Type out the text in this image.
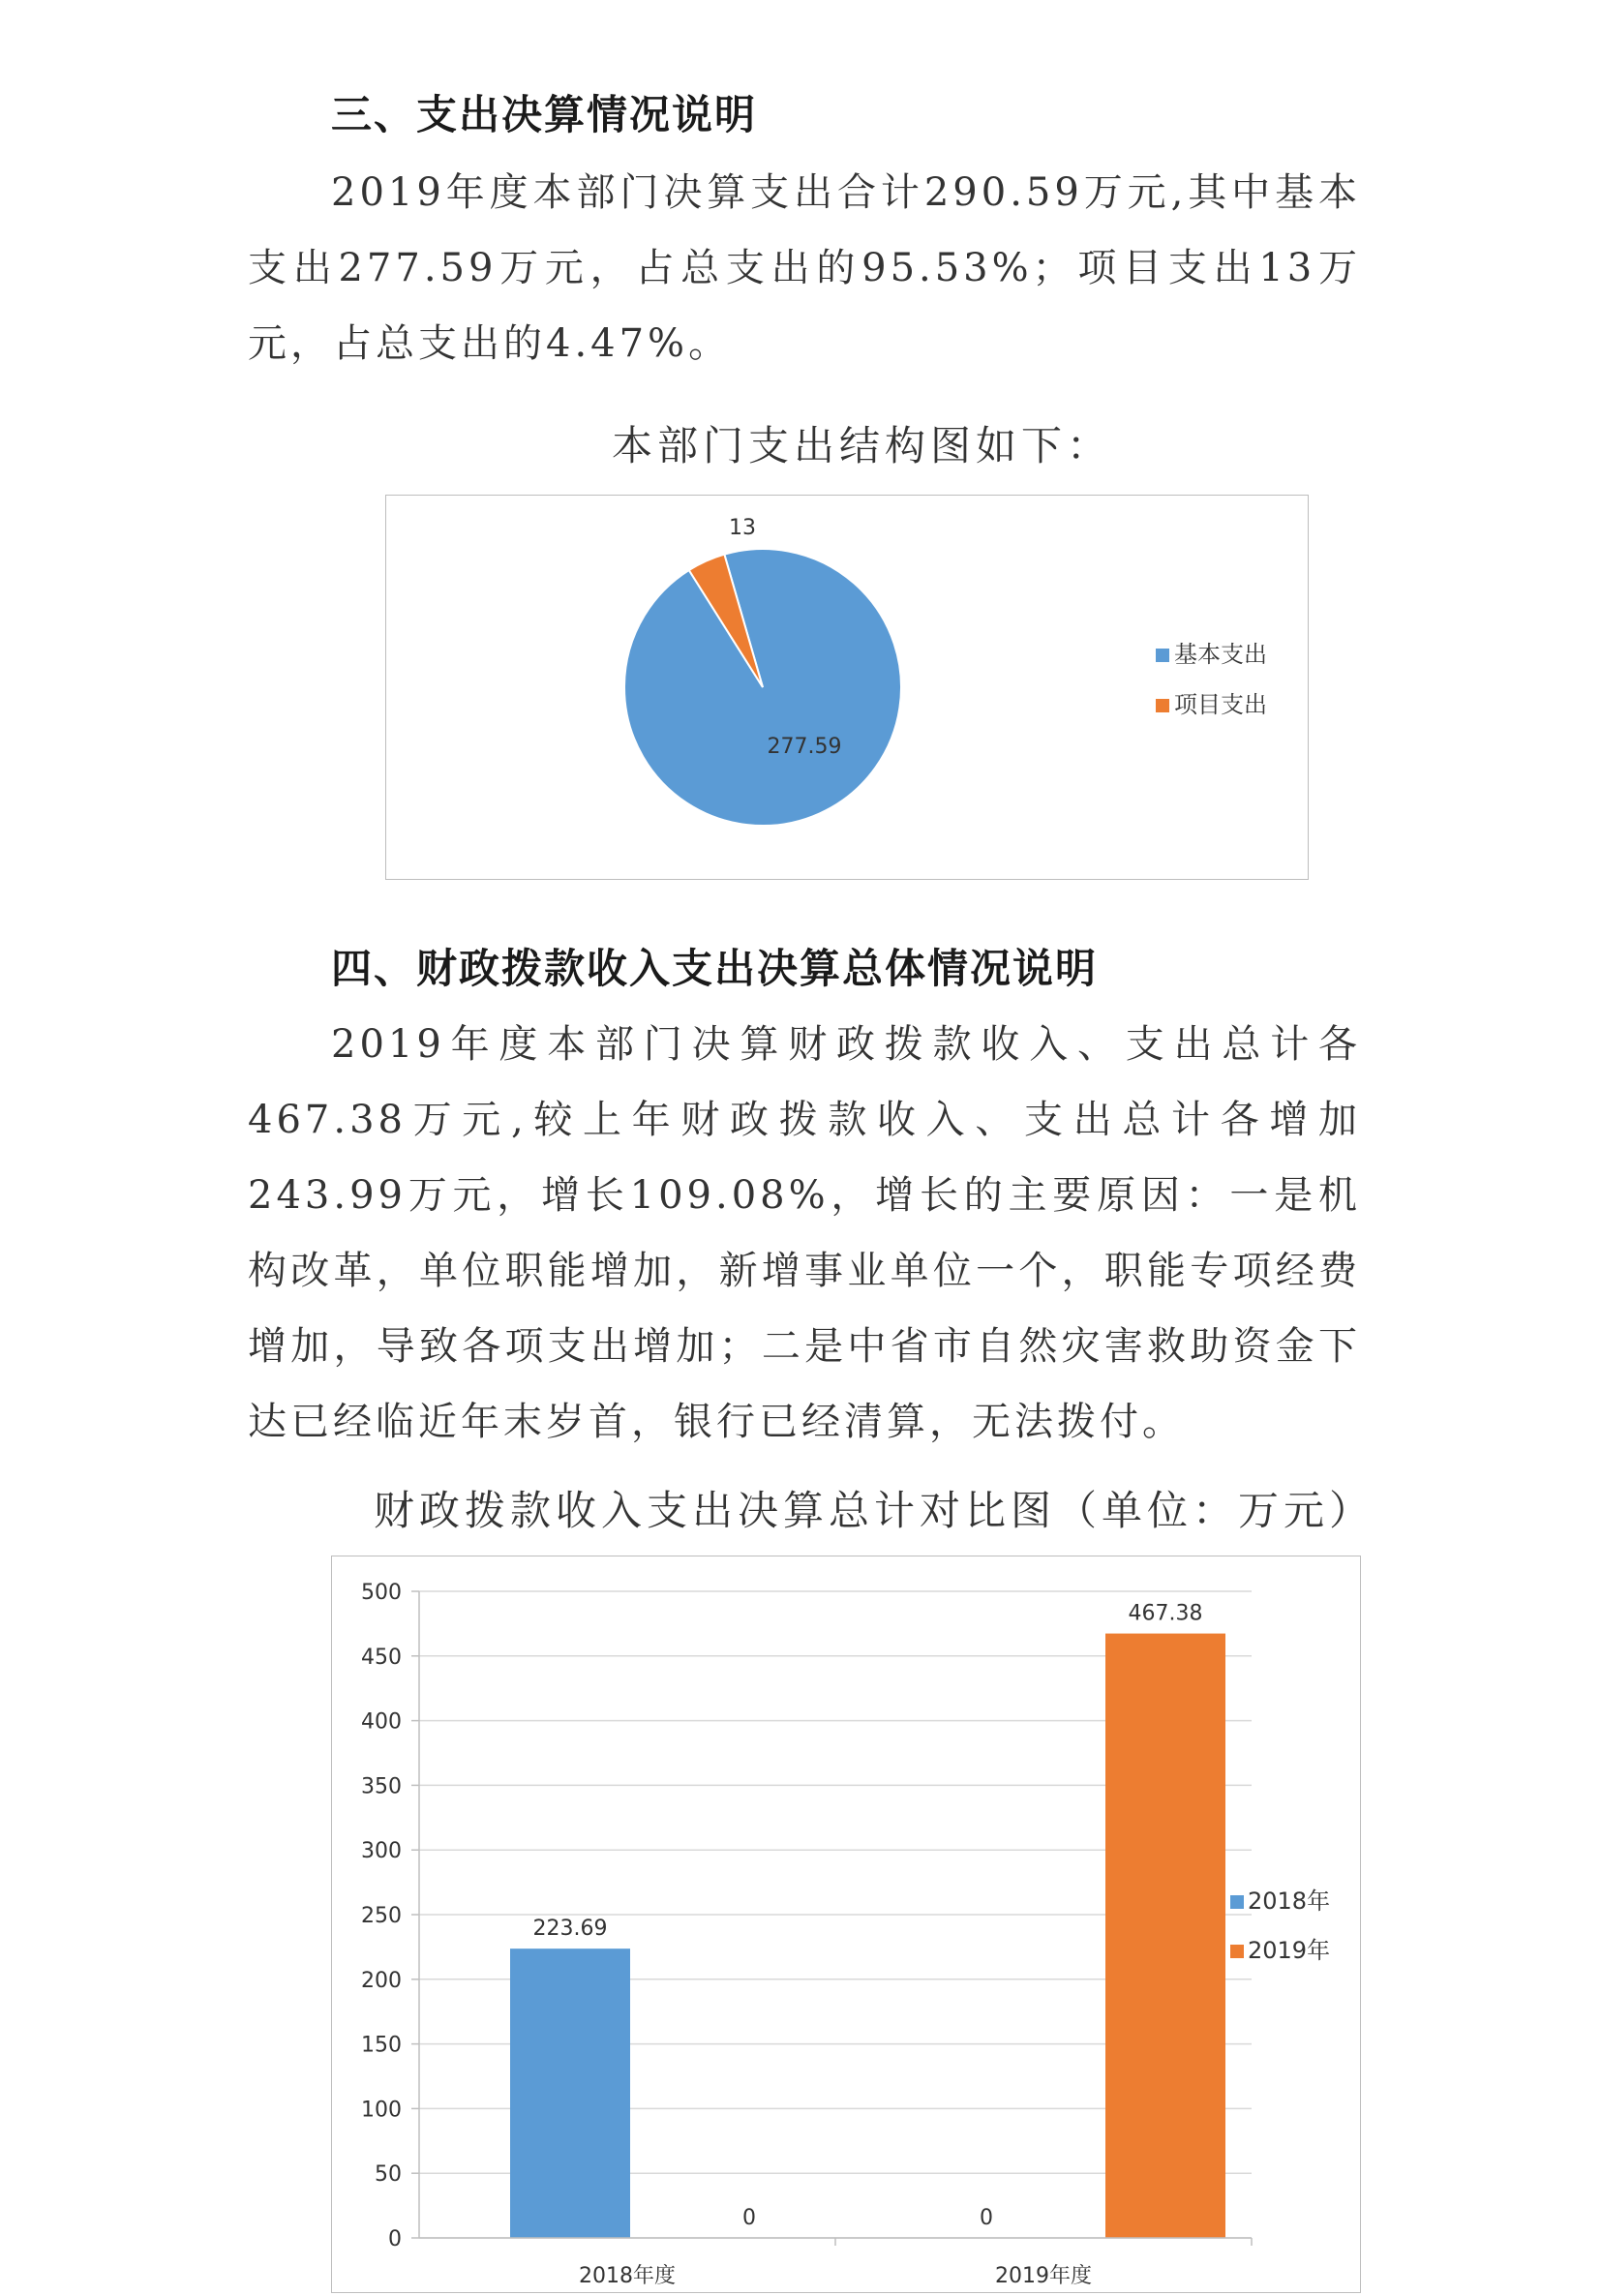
三、支出决算情况说明
2019年度本部门决算支出合计290.59万元,其中基本支出277.59万元，占总支出的95.53%；项目支出13万元，占总支出的4.47%。
本部门支出结构图如下：
277.59
13
基本支出
项目支出
四、财政拨款收入支出决算总体情况说明
2019年度本部门决算财政拨款收入、支出总计各467.38万元,较上年财政拨款收入、支出总计各增加243.99万元，增长109.08%，增长的主要原因：一是机构改革，单位职能增加，新增事业单位一个，职能专项经费增加，导致各项支出增加；二是中省市自然灾害救助资金下达已经临近年末岁首，银行已经清算，无法拨付。
财政拨款收入支出决算总计对比图（单位：万元）
0
50
100
150
200
250
300
350
400
450
500
223.69
0
2018年度
0
467.38
2019年度
2018年
2019年
